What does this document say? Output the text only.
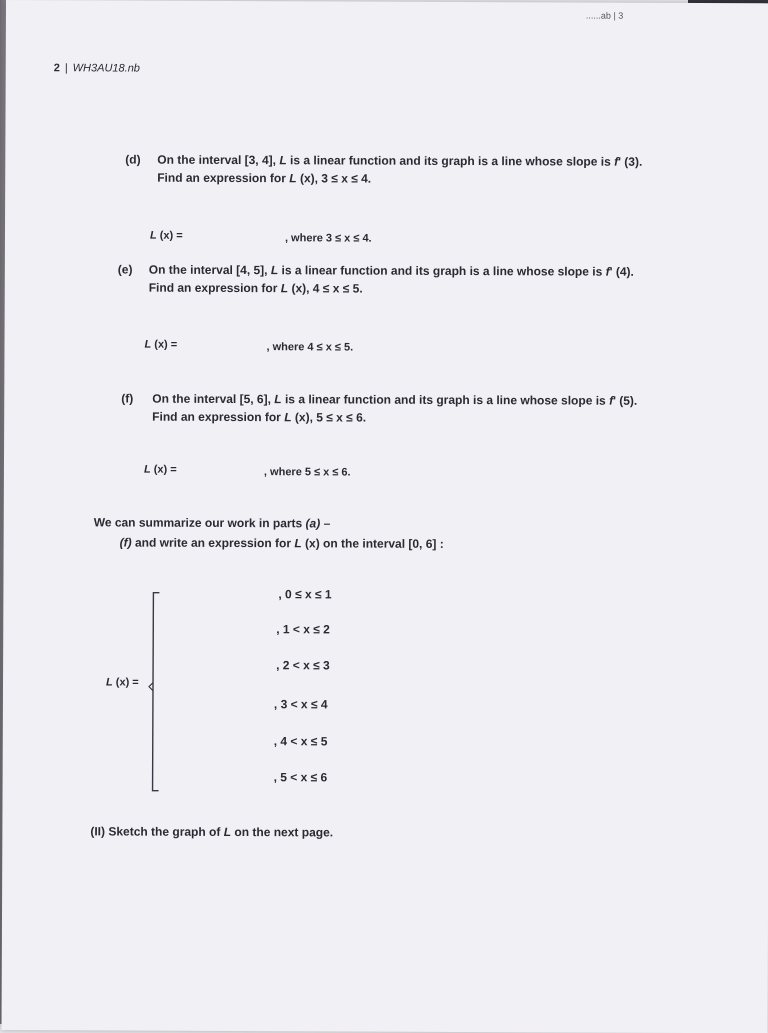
......ab | 3
2 | WH3AU18.nb
(d) On the interval [3, 4], L is a linear function and its graph is a line whose slope is f' (3).
Find an expression for L (x), 3 ≤ x ≤ 4.
L (x) =	, where 3 ≤ x ≤ 4.
(e) On the interval [4, 5], L is a linear function and its graph is a line whose slope is f' (4).
Find an expression for L (x), 4 ≤ x ≤ 5.
L (x) =	, where 4 ≤ x ≤ 5.
(f) On the interval [5, 6], L is a linear function and its graph is a line whose slope is f' (5).
Find an expression for L (x), 5 ≤ x ≤ 6.
L (x) =	, where 5 ≤ x ≤ 6.
We can summarize our work in parts (a) –
(f) and write an expression for L (x) on the interval [0, 6] :
L (x) =
, 0 ≤ x ≤ 1
, 1 < x ≤ 2
, 2 < x ≤ 3
, 3 < x ≤ 4
, 4 < x ≤ 5
, 5 < x ≤ 6
(II) Sketch the graph of L on the next page.
